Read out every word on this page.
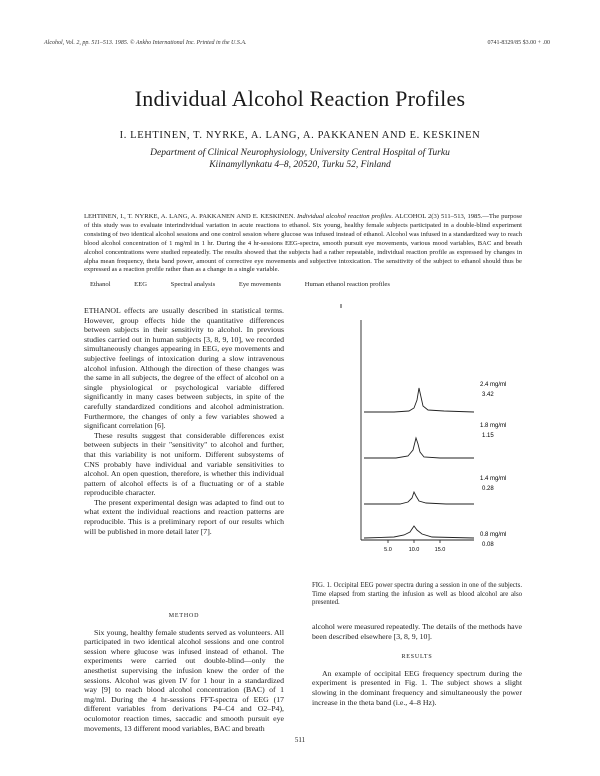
Alcohol, Vol. 2, pp. 511–513. 1985. © Ankho International Inc. Printed in the U.S.A.	0741-8329/85 $3.00 + .00
Individual Alcohol Reaction Profiles
I. LEHTINEN, T. NYRKE, A. LANG, A. PAKKANEN AND E. KESKINEN
Department of Clinical Neurophysiology, University Central Hospital of Turku
Kiinamyllynkatu 4–8, 20520, Turku 52, Finland
LEHTINEN, I., T. NYRKE, A. LANG, A. PAKKANEN AND E. KESKINEN. Individual alcohol reaction profiles. ALCOHOL 2(3) 511–513, 1985.—The purpose of this study was to evaluate interindividual variation in acute reactions to ethanol. Six young, healthy female subjects participated in a double-blind experiment consisting of two identical alcohol sessions and one control session where glucose was infused instead of ethanol. Alcohol was infused in a standardized way to reach blood alcohol concentration of 1 mg/ml in 1 hr. During the 4 hr-sessions EEG-spectra, smooth pursuit eye movements, various mood variables, BAC and breath alcohol concentrations were studied repeatedly. The results showed that the subjects had a rather repeatable, individual reaction profile as expressed by changes in alpha mean frequency, theta band power, amount of corrective eye movements and subjective intoxication. The sensitivity of the subject to ethanol should thus be expressed as a reaction profile rather than as a change in a single variable.
Ethanol	EEG	Spectral analysis	Eye movements	Human ethanol reaction profiles

ETHANOL effects are usually described in statistical terms. However, group effects hide the quantitative differences between subjects in their sensitivity to alcohol. In previous studies carried out in human subjects [3, 8, 9, 10], we recorded simultaneously changes appearing in EEG, eye movements and subjective feelings of intoxication during a slow intravenous alcohol infusion. Although the direction of these changes was the same in all subjects, the degree of the effect of alcohol on a single physiological or psychological variable differed significantly in many cases between subjects, in spite of the carefully standardized conditions and alcohol administration. Furthermore, the changes of only a few variables showed a significant correlation [6].

These results suggest that considerable differences exist between subjects in their "sensitivity" to alcohol and further, that this variability is not uniform. Different subsystems of CNS probably have individual and variable sensitivities to alcohol. An open question, therefore, is whether this individual pattern of alcohol effects is of a fluctuating or of a stable reproducible character.

The present experimental design was adapted to find out to what extent the individual reactions and reaction patterns are reproducible. This is a preliminary report of our results which will be published in more detail later [7].

METHOD

Six young, healthy female students served as volunteers. All participated in two identical alcohol sessions and one control session where glucose was infused instead of ethanol. The experiments were carried out double-blind—only the anesthetist supervising the infusion knew the order of the sessions. Alcohol was given IV for 1 hour in a standardized way [9] to reach blood alcohol concentration (BAC) of 1 mg/ml. During the 4 hr-sessions FFT-spectra of EEG (17 different variables from derivations P4–C4 and O2–P4), oculomotor reaction times, saccadic and smooth pursuit eye movements, 13 different mood variables, BAC and breath

2.4 mg/ml
3.42
1.8 mg/ml
1.15
1.4 mg/ml
0.28
0.8 mg/ml
0.08
5.0	10.0	15.0
FIG. 1. Occipital EEG power spectra during a session in one of the subjects. Time elapsed from starting the infusion as well as blood alcohol are also presented.

alcohol were measured repeatedly. The details of the methods have been described elsewhere [3, 8, 9, 10].

RESULTS

An example of occipital EEG frequency spectrum during the experiment is presented in Fig. 1. The subject shows a slight slowing in the dominant frequency and simultaneously the power increase in the theta band (i.e., 4–8 Hz).

511
